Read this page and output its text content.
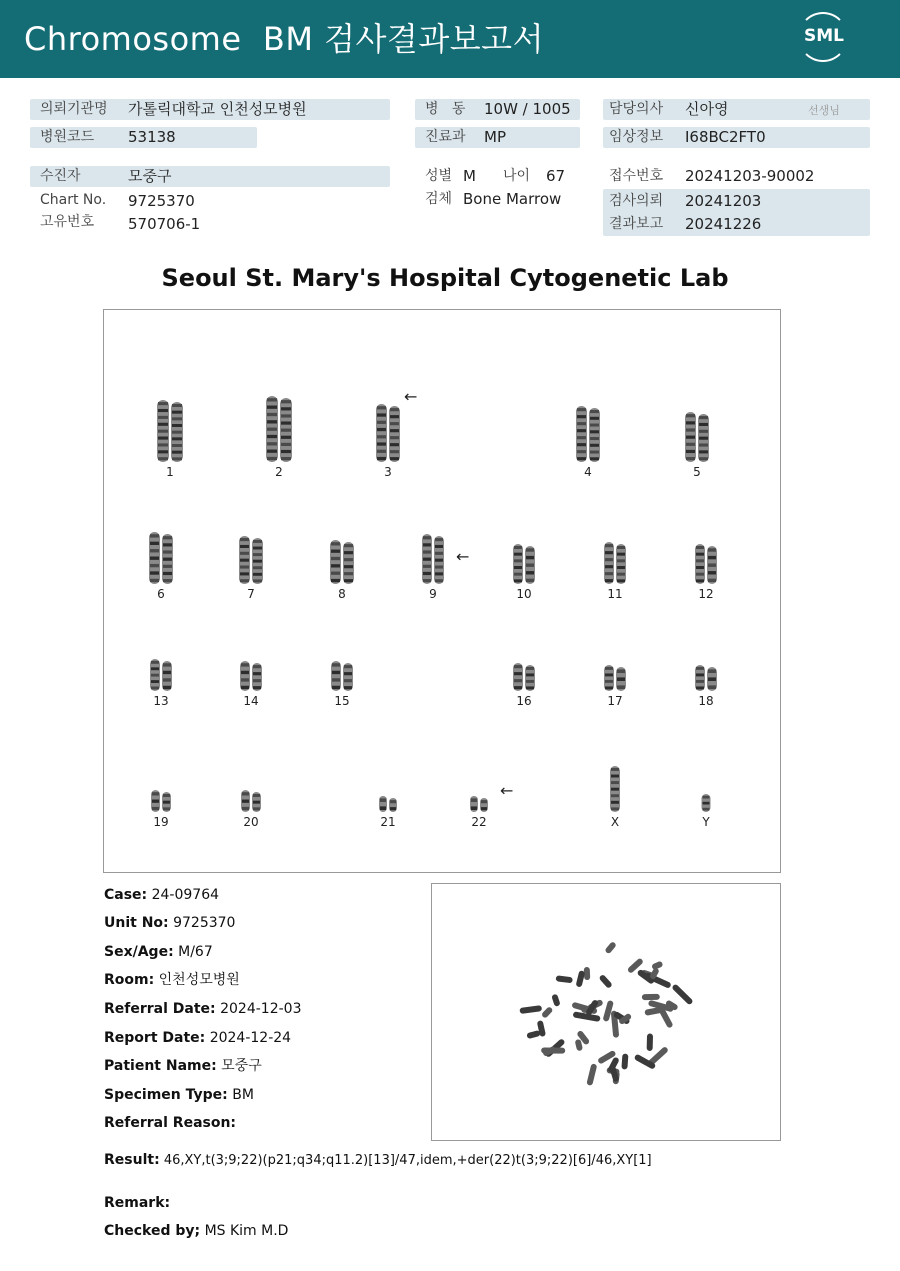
Chromosome  BM 검사결과보고서	SML
의뢰기관명 가톨릭대학교 인천성모병원
병원코드 53138
수진자	모중구
Chart No. 9725370
고유번호 570706-1
병   동 10W / 1005
진료과 MP
성별 M 나이 67
검체 Bone Marrow
담당의사 신아영	선생님
임상정보 I68BC2FT0
접수번호 20241203-90002
검사의뢰 20241203
결과보고 20241226
Seoul St. Mary's Hospital Cytogenetic Lab
1	2	3	4	5
6	7	8	9	10	11	12
13	14	15	16	17	18
19	20	21	22	X	Y
←
←
←
Case: 24-09764
Unit No: 9725370
Sex/Age: M/67
Room: 인천성모병원
Referral Date: 2024-12-03
Report Date: 2024-12-24
Patient Name: 모중구
Specimen Type: BM
Referral Reason:
Result: 46,XY,t(3;9;22)(p21;q34;q11.2)[13]/47,idem,+der(22)t(3;9;22)[6]/46,XY[1]
Remark:
Checked by; MS Kim M.D
